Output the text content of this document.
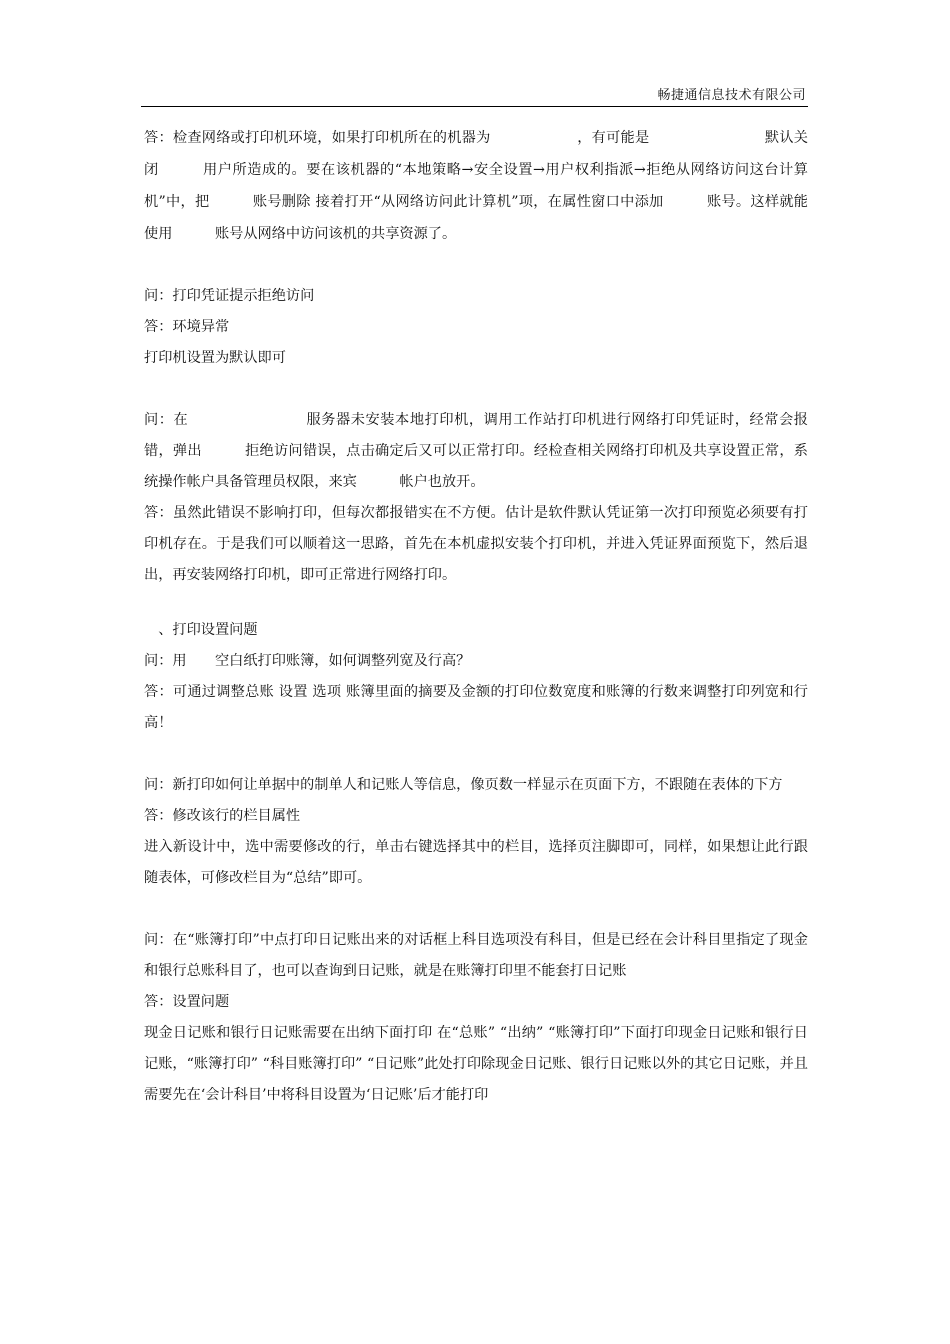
畅捷通信息技术有限公司

答：检查网络或打印机环境，如果打印机所在的机器为　　　　　　，有可能是　　　　　　　　默认关闭　　　用户所造成的。要在该机器的“本地策略→安全设置→用户权利指派→拒绝从网络访问这台计算机”中，把　　　账号删除 接着打开“从网络访问此计算机”项，在属性窗口中添加　　　账号。这样就能使用　　　账号从网络中访问该机的共享资源了。

问：打印凭证提示拒绝访问

答：环境异常

打印机设置为默认即可

问：在　　　　　　　　服务器未安装本地打印机，调用工作站打印机进行网络打印凭证时，经常会报错，弹出　　　拒绝访问错误，点击确定后又可以正常打印。经检查相关网络打印机及共享设置正常，系统操作帐户具备管理员权限，来宾　　　帐户也放开。

答：虽然此错误不影响打印，但每次都报错实在不方便。估计是软件默认凭证第一次打印预览必须要有打印机存在。于是我们可以顺着这一思路，首先在本机虚拟安装个打印机，并进入凭证界面预览下，然后退出，再安装网络打印机，即可正常进行网络打印。

　、打印设置问题

问：用　　空白纸打印账簿，如何调整列宽及行高？

答：可通过调整总账 设置 选项 账簿里面的摘要及金额的打印位数宽度和账簿的行数来调整打印列宽和行高！

问：新打印如何让单据中的制单人和记账人等信息，像页数一样显示在页面下方，不跟随在表体的下方

答：修改该行的栏目属性

进入新设计中，选中需要修改的行，单击右键选择其中的栏目，选择页注脚即可，同样，如果想让此行跟随表体，可修改栏目为“总结”即可。

问：在“账簿打印”中点打印日记账出来的对话框上科目选项没有科目，但是已经在会计科目里指定了现金和银行总账科目了，也可以查询到日记账，就是在账簿打印里不能套打日记账

答：设置问题

现金日记账和银行日记账需要在出纳下面打印 在“总账” “出纳” “账簿打印”下面打印现金日记账和银行日记账，“账簿打印” “科目账簿打印” “日记账”此处打印除现金日记账、银行日记账以外的其它日记账，并且需要先在‘会计科目’中将科目设置为‘日记账’后才能打印
